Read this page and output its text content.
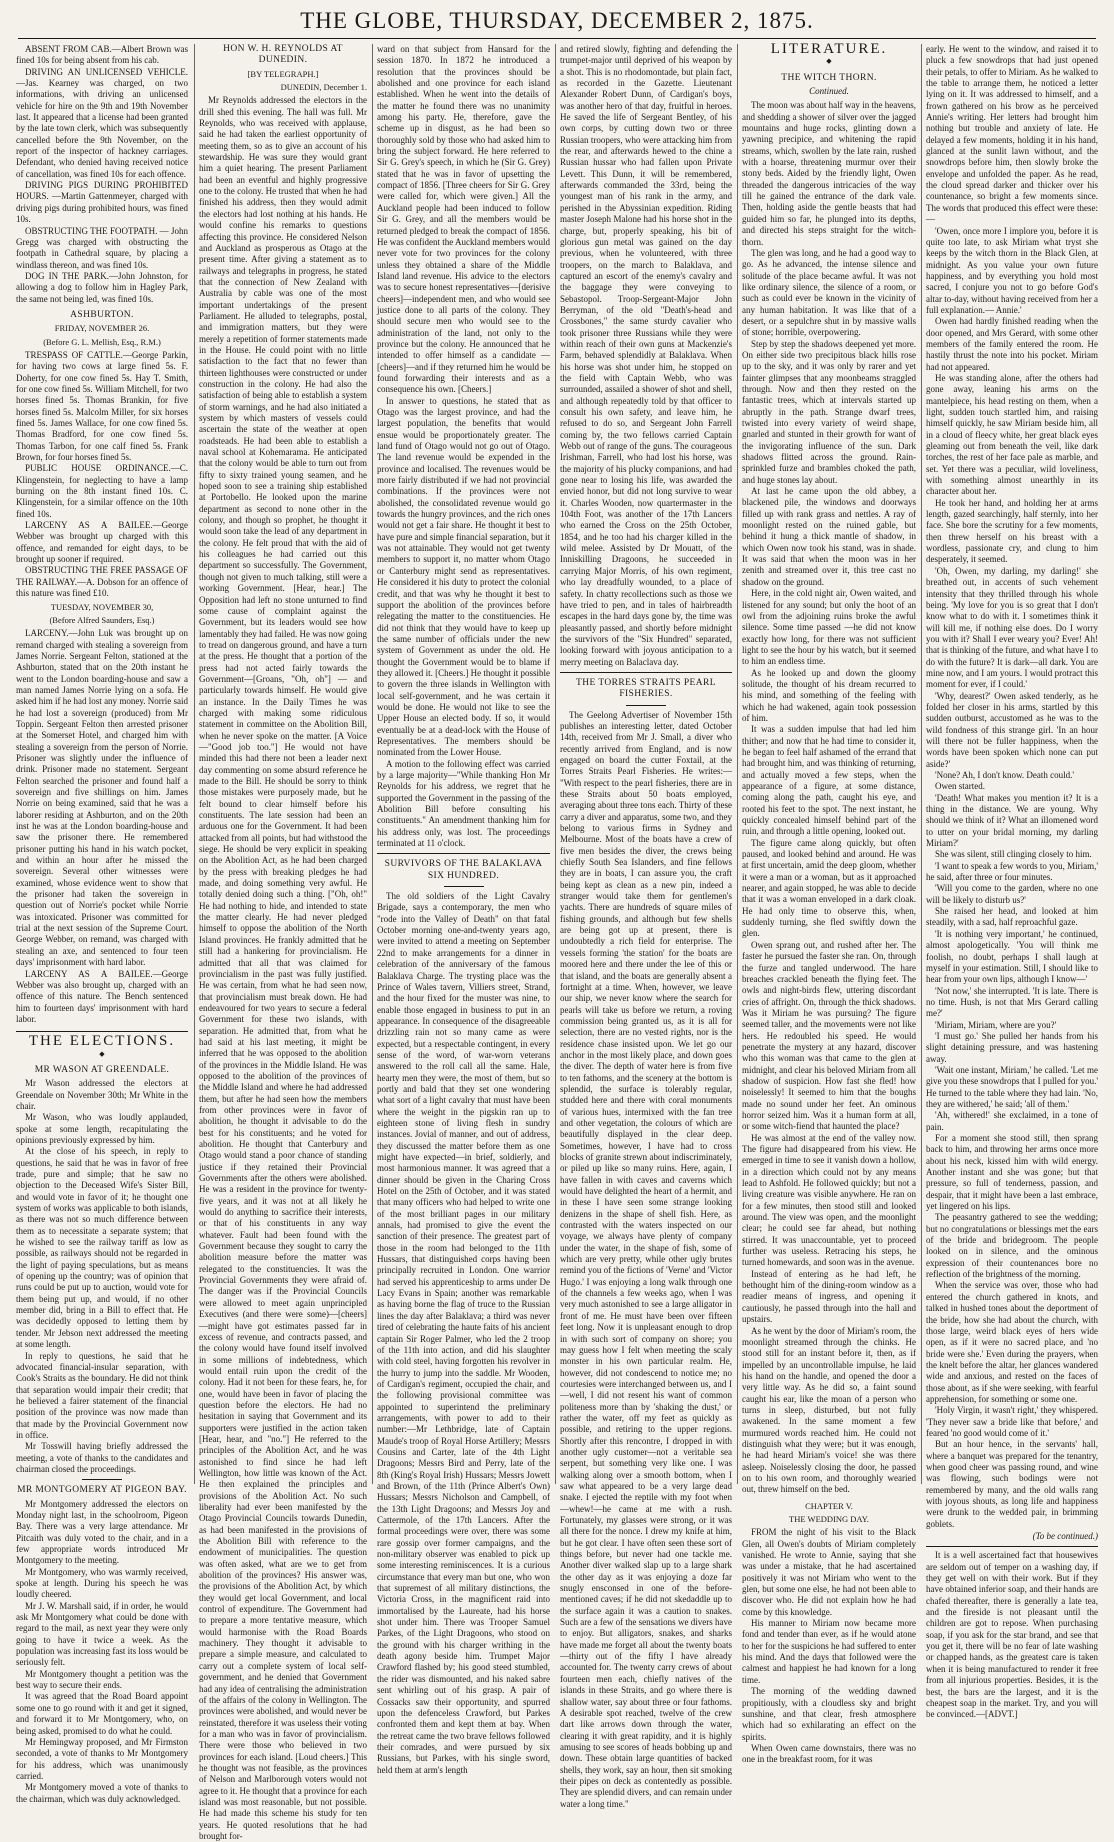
THE GLOBE, THURSDAY, DECEMBER 2, 1875.

ABSENT FROM CAB.—Albert Brown was fined 10s for being absent from his cab.

DRIVING AN UNLICENSED VEHICLE.—Jas. Kearney was charged, on two informations, with driving an unlicensed vehicle for hire on the 9th and 19th November last. It appeared that a license had been granted by the late town clerk, which was subsequently cancelled before the 9th November, on the report of the inspector of hackney carriages. Defendant, who denied having received notice of cancellation, was fined 10s for each offence.

DRIVING PIGS DURING PROHIBITED HOURS. —Martin Gattenmeyer, charged with driving pigs during prohibited hours, was fined 10s.

OBSTRUCTING THE FOOTPATH. — John Gregg was charged with obstructing the footpath in Cathedral square, by placing a windlass thereon, and was fined 10s.

DOG IN THE PARK.—John Johnston, for allowing a dog to follow him in Hagley Park, the same not being led, was fined 10s.

ASHBURTON.
FRIDAY, NOVEMBER 26.
(Before G. L. Mellish, Esq., R.M.)

TRESPASS OF CATTLE.—George Parkin, for having two cows at large fined 5s. F. Doherty, for one cow fined 5s. Hay T. Smith, for one cow fined 5s. William Mitchell, for two horses fined 5s. Thomas Brankin, for five horses fined 5s. Malcolm Miller, for six horses fined 5s. James Wallace, for one cow fined 5s. Thomas Bradford, for one cow fined 5s. Thomas Tarbon, for one calf fined 5s. Frank Brown, for four horses fined 5s.

PUBLIC HOUSE ORDINANCE.—C. Klingenstein, for neglecting to have a lamp burning on the 8th instant fined 10s. C. Klingenstein, for a similar offence on the 10th fined 10s.

LARCENY AS A BAILEE.—George Webber was brought up charged with this offence, and remanded for eight days, to be brought up sooner if required.

OBSTRUCTING THE FREE PASSAGE OF THE RAILWAY.—A. Dobson for an offence of this nature was fined £10.

TUESDAY, NOVEMBER 30,
(Before Alfred Saunders, Esq.)

LARCENY.—John Luk was brought up on remand charged with stealing a sovereign from James Norrie. Sergeant Felton, stationed at the Ashburton, stated that on the 20th instant he went to the London boarding-house and saw a man named James Norrie lying on a sofa. He asked him if he had lost any money. Norrie said he had lost a sovereign (produced) from Mr Toppin. Sergeant Felton then arrested prisoner at the Somerset Hotel, and charged him with stealing a sovereign from the person of Norrie. Prisoner was slightly under the influence of drink. Prisoner made no statement. Sergeant Felton searched the prisoner and found half a sovereign and five shillings on him. James Norrie on being examined, said that he was a laborer residing at Ashburton, and on the 20th inst he was at the London boarding-house and saw the prisoner there. He remembered prisoner putting his hand in his watch pocket, and within an hour after he missed the sovereign. Several other witnesses were examined, whose evidence went to show that the prisoner had taken the sovereign in question out of Norrie's pocket while Norrie was intoxicated. Prisoner was committed for trial at the next session of the Supreme Court. George Webber, on remand, was charged with stealing an axe, and sentenced to four teen days' imprisonment with hard labor.

LARCENY AS A BAILEE.—George Webber was also brought up, charged with an offence of this nature. The Bench sentenced him to fourteen days' imprisonment with hard labor.

THE ELECTIONS.
◆
MR WASON AT GREENDALE.

Mr Wason addressed the electors at Greendale on November 30th; Mr White in the chair.

Mr Wason, who was loudly applauded, spoke at some length, recapitulating the opinions previously expressed by him.

At the close of his speech, in reply to questions, he said that he was in favor of free trade, pure and simple; that he saw no objection to the Deceased Wife's Sister Bill, and would vote in favor of it; he thought one system of works was applicable to both islands, as there was not so much difference between them as to necessitate a separate system; that he wished to see the railway tariff as low as possible, as railways should not be regarded in the light of paying speculations, but as means of opening up the country; was of opinion that runs could be put up to auction, would vote for them being put up, and would, if no other member did, bring in a Bill to effect that. He was decidedly opposed to letting them by tender. Mr Jebson next addressed the meeting at some length.

In reply to questions, he said that he advocated financial-insular separation, with Cook's Straits as the boundary. He did not think that separation would impair their credit; that he believed a fairer statement of the financial position of the province was now made than that made by the Provincial Government now in office.

Mr Tosswill having briefly addressed the meeting, a vote of thanks to the candidates and chairman closed the proceedings.

MR MONTGOMERY AT PIGEON BAY.

Mr Montgomery addressed the electors on Monday night last, in the schoolroom, Pigeon Bay. There was a very large attendance. Mr Pitcaith was duly voted to the chair, and in a few appropriate words introduced Mr Montgomery to the meeting.

Mr Montgomery, who was warmly received, spoke at length. During his speech he was loudly cheered.

Mr J. W. Marshall said, if in order, he would ask Mr Montgomery what could be done with regard to the mail, as next year they were only going to have it twice a week. As the population was increasing fast its loss would be seriously felt.

Mr Montgomery thought a petition was the best way to secure their ends.

It was agreed that the Road Board appoint some one to go round with it and get it signed, and forward it to Mr Montgomery, who, on being asked, promised to do what he could.

Mr Hemingway proposed, and Mr Firmston seconded, a vote of thanks to Mr Montgomery for his address, which was unanimously carried.

Mr Montgomery moved a vote of thanks to the chairman, which was duly acknowledged.

HON W. H. REYNOLDS AT DUNEDIN.
[BY TELEGRAPH.]
DUNEDIN, December 1.

Mr Reynolds addressed the electors in the drill shed this evening. The hall was full. Mr Reynolds, who was received with applause, said he had taken the earliest opportunity of meeting them, so as to give an account of his stewardship. He was sure they would grant him a quiet hearing. The present Parliament had been an eventful and highly progressive one to the colony. He trusted that when he had finished his address, then they would admit the electors had lost nothing at his hands. He would confine his remarks to questions affecting this province. He considered Nelson and Auckland as prosperous as Otago at the present time. After giving a statement as to railways and telegraphs in progress, he stated that the connection of New Zealand with Australia by cable was one of the most important undertakings of the present Parliament. He alluded to telegraphs, postal, and immigration matters, but they were merely a repetition of former statements made in the House. He could point with no little satisfaction to the fact that no fewer than thirteen lighthouses were constructed or under construction in the colony. He had also the satisfaction of being able to establish a system of storm warnings, and he had also initiated a system by which masters of vessels could ascertain the state of the weather at open roadsteads. He had been able to establish a naval school at Kohemarama. He anticipated that the colony would be able to turn out from fifty to sixty trained young seamen, and he hoped soon to see a training ship established at Portobello. He looked upon the marine department as second to none other in the colony, and though so prophet, he thought it would soon take the lead of any department in the colony. He felt proud that with the aid of his colleagues he had carried out this department so successfully. The Government, though not given to much talking, still were a working Government. [Hear, hear.] The Opposition had left no stone unturned to find some cause of complaint against the Government, but its leaders would see how lamentably they had failed. He was now going to tread on dangerous ground, and have a turn at the press. He thought that a portion of the press had not acted fairly towards the Government—[Groans, "Oh, oh"] — and particularly towards himself. He would give an instance. In the Daily Times he was charged with making some ridiculous statement in committee on the Abolition Bill, when he never spoke on the matter. [A Voice—"Good job too."] He would not have minded this had there not been a leader next day commenting on some absurd reference he made to the Bill. He should be sorry to think those mistakes were purposely made, but he felt bound to clear himself before his constituents. The late session had been an arduous one for the Government. It had been attacked from all points, but had withstood the siege. He should be very explicit in speaking on the Abolition Act, as he had been charged by the press with breaking pledges he had made, and doing something very awful. He totally denied doing such a thing. ["Oh, oh!" He had nothing to hide, and intended to state the matter clearly. He had never pledged himself to oppose the abolition of the North Island provinces. He frankly admitted that he still had a hankering for provincialism. He admitted that all that was claimed for provincialism in the past was fully justified. He was certain, from what he had seen now, that provincialism must break down. He had endeavoured for two years to secure a federal Government for these two islands, with separation. He admitted that, from what he had said at his last meeting, it might be inferred that he was opposed to the abolition of the provinces in the Middle Island. He was opposed to the abolition of the provinces of the Middle Island and where he had addressed them, but after he had seen how the members from other provinces were in favor of abolition, he thought it advisable to do the best for his constituents; and he voted for abolition. He thought that Canterbury and Otago would stand a poor chance of standing justice if they retained their Provincial Governments after the others were abolished. He was a resident in the province for twenty-five years, and it was not at all likely he would do anything to sacrifice their interests, or that of his constituents in any way whatever. Fault had been found with the Government because they sought to carry the abolition measure before the matter was relegated to the constituencies. It was the Provincial Governments they were afraid of. The danger was if the Provincial Councils were allowed to meet again unprincipled Executives (and there were some)—[cheers] —might have got estimates passed far in excess of revenue, and contracts passed, and the colony would have found itself involved in some millions of indebtedness, which would entail ruin upon the credit of the colony. Had it not been for these fears, he, for one, would have been in favor of placing the question before the electors. He had no hesitation in saying that Government and its supporters were justified in the action taken [Hear, hear, and "no."] He referred to the principles of the Abolition Act, and he was astonished to find since he had left Wellington, how little was known of the Act. He then explained the principles and provisions of the Abolition Act. No such liberality had ever been manifested by the Otago Provincial Councils towards Dunedin, as had been manifested in the provisions of the Abolition Bill with reference to the endowment of municipalities. The question was often asked, what are we to get from abolition of the provinces? His answer was, the provisions of the Abolition Act, by which they would get local Government, and local control of expenditure. The Government had to prepare a more tentative measure, which would harmonise with the Road Boards machinery. They thought it advisable to prepare a simple measure, and calculated to carry out a complete system of local self-government, and he denied that Government had any idea of centralising the administration of the affairs of the colony in Wellington. The provinces were abolished, and would never be reinstated, therefore it was useless their voting for a man who was in favor of provincialism. There were those who believed in two provinces for each island. [Loud cheers.] This he thought was not feasible, as the provinces of Nelson and Marlborough voters would not agree to it. He thought that a province for each island was most reasonable, but not possible. He had made this scheme his study for ten years. He quoted resolutions that he had brought for-

ward on that subject from Hansard for the session 1870. In 1872 he introduced a resolution that the provinces should be abolished and one province for each island established. When he went into the details of the matter he found there was no unanimity among his party. He, therefore, gave the scheme up in disgust, as he had been so thoroughly sold by those who had asked him to bring the subject forward. He here referred to Sir G. Grey's speech, in which he (Sir G. Grey) stated that he was in favor of upsetting the compact of 1856. [Three cheers for Sir G. Grey were called for, which were given.] All the Auckland people had been induced to follow Sir G. Grey, and all the members would be returned pledged to break the compact of 1856. He was confident the Auckland members would never vote for two provinces for the colony unless they obtained a share of the Middle Island land revenue. His advice to the electors was to secure honest representatives—[derisive cheers]—independent men, and who would see justice done to all parts of the colony. They should secure men who would see to the administration of the land, not only to the province but the colony. He announced that he intended to offer himself as a candidate —[cheers]—and if they returned him he would be found forwarding their interests and as a consequence his own. [Cheers.]

In answer to questions, he stated that as Otago was the largest province, and had the largest population, the benefits that would ensue would be proportionately greater. The land fund of Otago would not go out of Otago. The land revenue would be expended in the province and localised. The revenues would be more fairly distributed if we had not provincial combinations. If the provinces were not abolished, the consolidated revenue would go towards the hungry provinces, and the rich ones would not get a fair share. He thought it best to have pure and simple financial separation, but it was not attainable. They would not get twenty members to support it, no matter whom Otago or Canterbury might send as representatives. He considered it his duty to protect the colonial credit, and that was why he thought it best to support the abolition of the provinces before relegating the matter to the constituencies. He did not think that they would have to keep up the same number of officials under the new system of Government as under the old. He thought the Government would be to blame if they allowed it. [Cheers.] He thought it possible to govern the three islands in Wellington with local self-government, and he was certain it would be done. He would not like to see the Upper House an elected body. If so, it would eventually be at a dead-lock with the House of Representatives. The members should be nominated from the Lower House.

A motion to the following effect was carried by a large majority—"While thanking Hon Mr Reynolds for his address, we regret that he supported the Government in the passing of the Abolition Bill before consulting his constituents." An amendment thanking him for his address only, was lost. The proceedings terminated at 11 o'clock.

SURVIVORS OF THE BALAKLAVA SIX HUNDRED.

The old soldiers of the Light Cavalry Brigade, says a contemporary, the men who "rode into the Valley of Death" on that fatal October morning one-and-twenty years ago, were invited to attend a meeting on September 22nd to make arrangements for a dinner in celebration of the anniversary of the famous Balaklava Charge. The trysting place was the Prince of Wales tavern, Villiers street, Strand, and the hour fixed for the muster was nine, to enable those engaged in business to put in an appearance. In consequence of the disagreeable drizzling rain not so many came as were expected, but a respectable contingent, in every sense of the word, of war-worn veterans answered to the roll call all the same. Hale, hearty men they were, the most of them, but so portly and bald that they set one wondering what sort of a light cavalry that must have been where the weight in the pigskin ran up to eighteen stone of living flesh in sundry instances. Jovial of manner, and out of address, they discussed the matter before them as one might have expected—in brief, soldierly, and most harmonious manner. It was agreed that a dinner should be given in the Charing Cross Hotel on the 25th of October, and it was stated that many officers who had helped to write one of the most brilliant pages in our military annals, had promised to give the event the sanction of their presence. The greatest part of those in the room had belonged to the 11th Hussars, that distinguished corps having been principally recruited in London. One warrior had served his apprenticeship to arms under De Lacy Evans in Spain; another was remarkable as having borne the flag of truce to the Russian lines the day after Balaklava; a third was never tired of celebrating the haute faits of his ancient captain Sir Roger Palmer, who led the 2 troop of the 11th into action, and did his slaughter with cold steel, having forgotten his revolver in the hurry to jump into the saddle. Mr Wooden, of Cardigan's regiment, occupied the chair, and the following provisional committee was appointed to superintend the preliminary arrangements, with power to add to their number:—Mr Lethbridge, late of Captain Maude's troop of Royal Horse Artillery; Messrs Cousins and Carter, late of the 4th Light Dragoons; Messrs Bird and Perry, late of the 8th (King's Royal Irish) Hussars; Messrs Jowett and Brown, of the 11th (Prince Albert's Own) Hussars; Messrs Nicholson and Campbell, of the 13th Light Dragoons; and Messrs Joy and Cattermole, of the 17th Lancers. After the formal proceedings were over, there was some rare gossip over former campaigns, and the non-military observer was enabled to pick up some interesting reminiscences. It is a curious circumstance that every man but one, who won that supremest of all military distinctions, the Victoria Cross, in the magnificent raid into immortalised by the Laureate, had his horse shot under him. There was Trooper Samuel Parkes, of the Light Dragoons, who stood on the ground with his charger writhing in the death agony beside him. Trumpet Major Crawford flashed by; his good steed stumbled, the rider was dismounted, and his naked sabre sent whirling out of his grasp. A pair of Cossacks saw their opportunity, and spurred upon the defenceless Crawford, but Parkes confronted them and kept them at bay. When the retreat came the two brave fellows followed their comrades, and were pursued by six Russians, but Parkes, with his single sword, held them at arm's length

and retired slowly, fighting and defending the trumpet-major until deprived of his weapon by a shot. This is no rhodomontade, but plain fact, as recorded in the Gazette. Lieutenant Alexander Robert Dunn, of Cardigan's boys, was another hero of that day, fruitful in heroes. He saved the life of Sergeant Bentley, of his own corps, by cutting down two or three Russian troopers, who were attacking him from the rear, and afterwards hewed to the chine a Russian hussar who had fallen upon Private Levett. This Dunn, it will be remembered, afterwards commanded the 33rd, being the youngest man of his rank in the army, and perished in the Abyssinian expedition. Riding master Joseph Malone had his horse shot in the charge, but, properly speaking, his bit of glorious gun metal was gained on the day previous, when he volunteered, with three troopers, on the march to Balaklava, and captured an escort of the enemy's cavalry and the baggage they were conveying to Sebastopol. Troop-Sergeant-Major John Berryman, of the old "Death's-head and Crossbones," the same sturdy cavalier who took prisoner three Russians while they were within reach of their own guns at Mackenzie's Farm, behaved splendidly at Balaklava. When his horse was shot under him, he stopped on the field with Captain Webb, who was surrounded, assailed a shower of shot and shell, and although repeatedly told by that officer to consult his own safety, and leave him, he refused to do so, and Sergeant John Farrell coming by, the two fellows carried Captain Webb out of range of the guns. The courageous Irishman, Farrell, who had lost his horse, was the majority of his plucky companions, and had gone near to losing his life, was awarded the envied honor, but did not long survive to wear it. Charles Wooden, now quartermaster in the 104th Foot, was another of the 17th Lancers who earned the Cross on the 25th October, 1854, and he too had his charger killed in the wild melee. Assisted by Dr Mouatt, of the Inniskilling Dragoons, he succeeded in carrying Major Morris, of his own regiment, who lay dreadfully wounded, to a place of safety. In chatty recollections such as those we have tried to pen, and in tales of hairbreadth escapes in the hard days gone by, the time was pleasantly passed, and shortly before midnight the survivors of the "Six Hundred" separated, looking forward with joyous anticipation to a merry meeting on Balaclava day.

THE TORRES STRAITS PEARL FISHERIES.

The Geelong Advertiser of November 15th publishes an interesting letter, dated October 14th, received from Mr J. Small, a diver who recently arrived from England, and is now engaged on board the cutter Foxtail, at the Torres Straits Pearl Fisheries. He writes:— "With respect to the pearl fisheries, there are in these Straits about 50 boats employed, averaging about three tons each. Thirty of these carry a diver and apparatus, some two, and they belong to various firms in Sydney and Melbourne. Most of the boats have a crew of five men besides the diver, the crews being chiefly South Sea Islanders, and fine fellows they are in boats, I can assure you, the craft being kept as clean as a new pin, indeed a stranger would take them for gentlemen's yachts. There are hundreds of square miles of fishing grounds, and although but few shells are being got up at present, there is undoubtedly a rich field for enterprise. The vessels forming 'the station' for the boats are moored here and there under the lee of this or that island, and the boats are generally absent a fortnight at a time. When, however, we leave our ship, we never know where the search for pearls will take us before we return, a roving commission being granted us, as it is all for selection, there are no vested rights, nor is the residence chase insisted upon. We let go our anchor in the most likely place, and down goes the diver. The depth of water here is from five to ten fathoms, and the scenery at the bottom is splendid, the surface is tolerably regular, studded here and there with coral monuments of various hues, intermixed with the fan tree and other vegetation, the colours of which are beautifully displayed in the clear deep. Sometimes, however, I have had to cross blocks of granite strewn about indiscriminately, or piled up like so many ruins. Here, again, I have fallen in with caves and caverns which would have delighted the heart of a hermit, and in these I have seen some strange looking denizens in the shape of shell fish. Here, as contrasted with the waters inspected on our voyage, we always have plenty of company under the water, in the shape of fish, some of which are very pretty, while other ugly brutes remind you of the fictions of 'Verne' and 'Victor Hugo.' I was enjoying a long walk through one of the channels a few weeks ago, when I was very much astonished to see a large alligator in front of me. He must have been over fifteen feet long. Now it is unpleasant enough to drop in with such sort of company on shore; you may guess how I felt when meeting the scaly monster in his own particular realm. He, however, did not condescend to notice me; no courtesies were interchanged between us, and I—well, I did not resent his want of common politeness more than by 'shaking the dust,' or rather the water, off my feet as quickly as possible, and retiring to the upper regions. Shortly after this rencontre, I dropped in with another ugly customer—not a veritable sea serpent, but something very like one. I was walking along over a smooth bottom, when I saw what appeared to be a very large dead snake. I ejected the reptile with my foot when—whew!—he came at me with a rush. Fortunately, my glasses were strong, or it was all there for the nonce. I drew my knife at him, but he got clear. I have often seen these sort of things before, but never had one tackle me. Another diver walked slap up to a large shark the other day as it was enjoying a doze far snugly ensconsed in one of the before-mentioned caves; if he did not skedaddle up to the surface again it was a caution to snakes. Such are a few of the sensations we divers have to enjoy. But alligators, snakes, and sharks have made me forget all about the twenty boats—thirty out of the fifty I have already accounted for. The twenty carry crews of about fourteen men each, chiefly natives of the islands in these Straits, and go where there is shallow water, say about three or four fathoms. A desirable spot reached, twelve of the crew dart like arrows down through the water, clearing it with great rapidity, and it is highly amusing to see scores of heads bobbing up and down. These obtain large quantities of backed shells, they work, say an hour, then sit smoking their pipes on deck as contentedly as possible. They are splendid divers, and can remain under water a long time."

LITERATURE.
◆
THE WITCH THORN.
Continued.

The moon was about half way in the heavens, and shedding a shower of silver over the jagged mountains and huge rocks, glinting down a yawning precipice, and whitening the rapid streams, which, swollen by the late rain, rushed with a hoarse, threatening murmur over their stony beds. Aided by the friendly light, Owen threaded the dangerous intricacies of the way till he gained the entrance of the dark vale. Then, holding aside the gentle beasts that had guided him so far, he plunged into its depths, and directed his steps straight for the witch-thorn.

The glen was long, and he had a good way to go. As he advanced, the intense silence and solitude of the place became awful. It was not like ordinary silence, the silence of a room, or such as could ever be known in the vicinity of any human habitation. It was like that of a desert, or a sepulchre shut in by massive walls of stone; horrible, overpowering.

Step by step the shadows deepened yet more. On either side two precipitous black hills rose up to the sky, and it was only by rarer and yet fainter glimpses that any moonbeams straggled through. Now and then they rested on the fantastic trees, which at intervals started up abruptly in the path. Strange dwarf trees, twisted into every variety of weird shape, gnarled and stunted in their growth for want of the invigorating influence of the sun. Dark shadows flitted across the ground. Rain-sprinkled furze and brambles choked the path, and huge stones lay about.

At last he came upon the old abbey, a blackened pile, the windows and doorways filled up with rank grass and nettles. A ray of moonlight rested on the ruined gable, but behind it hung a thick mantle of shadow, in which Owen now took his stand, was in shade. It was said that when the moon was in her zenith and streamed over it, this tree cast no shadow on the ground.

Here, in the cold night air, Owen waited, and listened for any sound; but only the hoot of an owl from the adjoining ruins broke the awful silence. Some time passed —he did not know exactly how long, for there was not sufficient light to see the hour by his watch, but it seemed to him an endless time.

As he looked up and down the gloomy solitude, the thought of his dream recurred to his mind, and something of the feeling with which he had wakened, again took possession of him.

It was a sudden impulse that had led him thither; and now that he had time to consider it, he began to feel half ashamed of the errand that had brought him, and was thinking of returning, and actually moved a few steps, when the appearance of a figure, at some distance, coming along the path, caught his eye, and rooted his feet to the spot. The next instant, he quickly concealed himself behind part of the ruin, and through a little opening, looked out.

The figure came along quickly, but often paused, and looked behind and around. He was at first uncertain, amid the deep gloom, whether it were a man or a woman, but as it approached nearer, and again stopped, he was able to decide that it was a woman enveloped in a dark cloak. He had only time to observe this, when, suddenly turning, she fled swiftly down the glen.

Owen sprang out, and rushed after her. The faster he pursued the faster she ran. On, through the furze and tangled underwood. The hare breaches crackled beneath the flying feet. The owls and night-birds flew, uttering discordant cries of affright. On, through the thick shadows. Was it Miriam he was pursuing? The figure seemed taller, and the movements were not like hers. He redoubled his speed. He would penetrate the mystery at any hazard, discover who this woman was that came to the glen at midnight, and clear his beloved Miriam from all shadow of suspicion. How fast she fled! how noiselessly! It seemed to him that the boughs made no sound under her feet. An ominous horror seized him. Was it a human form at all, or some witch-fiend that haunted the place?

He was almost at the end of the valley now. The figure had disappeared from his view. He emerged in time to see it vanish down a hollow, in a direction which could not by any means lead to Ashfold. He followed quickly; but not a living creature was visible anywhere. He ran on for a few minutes, then stood still and looked around. The view was open, and the moonlight clear; he could see far ahead, but nothing stirred. It was unaccountable, yet to proceed further was useless. Retracing his steps, he turned homewards, and soon was in the avenue.

Instead of entering as he had left, he bethought him of the dining-room window as a readier means of ingress, and opening it cautiously, he passed through into the hall and upstairs.

As he went by the door of Miriam's room, the moonlight streamed through the chinks. He stood still for an instant before it, then, as if impelled by an uncontrollable impulse, he laid his hand on the handle, and opened the door a very little way. As he did so, a faint sound caught his ear, like the moan of a person who turns in sleep, disturbed, but not fully awakened. In the same moment a few murmured words reached him. He could not distinguish what they were; but it was enough, he had heard Miriam's voice! she was there asleep. Noiselessly closing the door, he passed on to his own room, and thoroughly wearied out, threw himself on the bed.

CHAPTER V.
THE WEDDING DAY.

FROM the night of his visit to the Black Glen, all Owen's doubts of Miriam completely vanished. He wrote to Annie, saying that she was under a mistake, that he had ascertained positively it was not Miriam who went to the glen, but some one else, he had not been able to discover who. He did not explain how he had come by this knowledge.

His manner to Miriam now became more fond and tender than ever, as if he would atone to her for the suspicions he had suffered to enter his mind. And the days that followed were the calmest and happiest he had known for a long time.

The morning of the wedding dawned propitiously, with a cloudless sky and bright sunshine, and that clear, fresh atmosphere which had so exhilarating an effect on the spirits.

When Owen came downstairs, there was no one in the breakfast room, for it was

early. He went to the window, and raised it to pluck a few snowdrops that had just opened their petals, to offer to Miriam. As he walked to the table to arrange them, he noticed a letter lying on it. It was addressed to himself, and a frown gathered on his brow as he perceived Annie's writing. Her letters had brought him nothing but trouble and anxiety of late. He delayed a few moments, holding it in his hand, glanced at the sunlit lawn without, and the snowdrops before him, then slowly broke the envelope and unfolded the paper. As he read, the cloud spread darker and thicker over his countenance, so bright a few moments since. The words that produced this effect were these:—

'Owen, once more I implore you, before it is quite too late, to ask Miriam what tryst she keeps by the witch thorn in the Black Glen, at midnight. As you value your own future happiness, and by everything you hold most sacred, I conjure you not to go before God's altar to-day, without having received from her a full explanation.— Annie.'

Owen had hardly finished reading when the door opened, and Mrs Gerard, with some other members of the family entered the room. He hastily thrust the note into his pocket. Miriam had not appeared.

He was standing alone, after the others had gone away, leaning his arms on the mantelpiece, his head resting on them, when a light, sudden touch startled him, and raising himself quickly, he saw Miriam beside him, all in a cloud of fleecy white, her great black eyes gleaming out from beneath the veil, like dark torches, the rest of her face pale as marble, and set. Yet there was a peculiar, wild loveliness, with something almost unearthly in its character about her.

He took her hand, and holding her at arms length, gazed searchingly, half sternly, into her face. She bore the scrutiny for a few moments, then threw herself on his breast with a wordless, passionate cry, and clung to him desperately, it seemed.

'Oh, Owen, my darling, my darling!' she breathed out, in accents of such vehement intensity that they thrilled through his whole being. 'My love for you is so great that I don't know what to do with it. I sometimes think it will kill me, if nothing else does. Do I worry you with it? Shall I ever weary you? Ever! Ah! that is thinking of the future, and what have I to do with the future? It is dark—all dark. You are mine now, and I am yours. I would protract this moment for ever, if I could.'

'Why, dearest?' Owen asked tenderly, as he folded her closer in his arms, startled by this sudden outburst, accustomed as he was to the wild fondness of this strange girl. 'In an hour will there not be fuller happiness, when the words have been spoken which none can put aside?'

'None? Ah, I don't know. Death could.'

Owen started.

'Death! What makes you mention it? It is a thing in the distance. We are young. Why should we think of it? What an illomened word to utter on your bridal morning, my darling Miriam?'

She was silent, still clinging closely to him.

'I want to speak a few words to you, Miriam,' he said, after three or four minutes.

'Will you come to the garden, where no one will be likely to disturb us?'

She raised her head, and looked at him steadily, with a sad, half reproachful gaze.

'It is nothing very important,' he continued, almost apologetically. 'You will think me foolish, no doubt, perhaps I shall laugh at myself in your estimation. Still, I should like to hear from your own lips, although I know—'

'Not now,' she interrupted. 'It is late. There is no time. Hush, is not that Mrs Gerard calling me?'

'Miriam, Miriam, where are you?'

'I must go.' She pulled her hands from his slight detaining pressure, and was hastening away.

'Wait one instant, Miriam,' he called. 'Let me give you these snowdrops that I pulled for you.' He turned to the table where they had lain. 'No, they are withered,' he said; 'all of them.'

'Ah, withered!' she exclaimed, in a tone of pain.

For a moment she stood still, then sprang back to him, and throwing her arms once more about his neck, kissed him with wild energy. Another instant and she was gone; but that pressure, so full of tenderness, passion, and despair, that it might have been a last embrace, yet lingered on his lips.

The peasantry gathered to see the wedding; but no congratulations or blessings met the ears of the bride and bridegroom. The people looked on in silence, and the ominous expression of their countenances bore no reflection of the brightness of the morning.

When the service was over, those who had entered the church gathered in knots, and talked in hushed tones about the deportment of the bride, how she had about the church, with those large, weird black eyes of hers wide open, as if it were no sacred place, and 'no bride were she.' Even during the prayers, when the knelt before the altar, her glances wandered wide and anxious, and rested on the faces of those about, as if she were seeking, with fearful apprehension, for something or some one.

'Holy Virgin, it wasn't right,' they whispered. 'They never saw a bride like that before,' and feared 'no good would come of it.'

But an hour hence, in the servants' hall, where a banquet was prepared for the tenantry, when good cheer was passing round, and wine was flowing, such bodings were not remembered by many, and the old walls rang with joyous shouts, as long life and happiness were drunk to the wedded pair, in brimming goblets.

(To be continued.)

It is a well ascertained fact that housewives are seldom out of temper on a washing day, if they get well on with their work. But if they have obtained inferior soap, and their hands are chafed thereafter, there is generally a late tea, and the fireside is not pleasant until the children are got to repose. When purchasing soap, if you ask for the star brand, and see that you get it, there will be no fear of late washing or chapped hands, as the greatest care is taken when it is being manufactured to render it free from all injurious properties. Besides, it is the best, the bars are the largest, and it is the cheapest soap in the market. Try, and you will be convinced.—[ADVT.]
